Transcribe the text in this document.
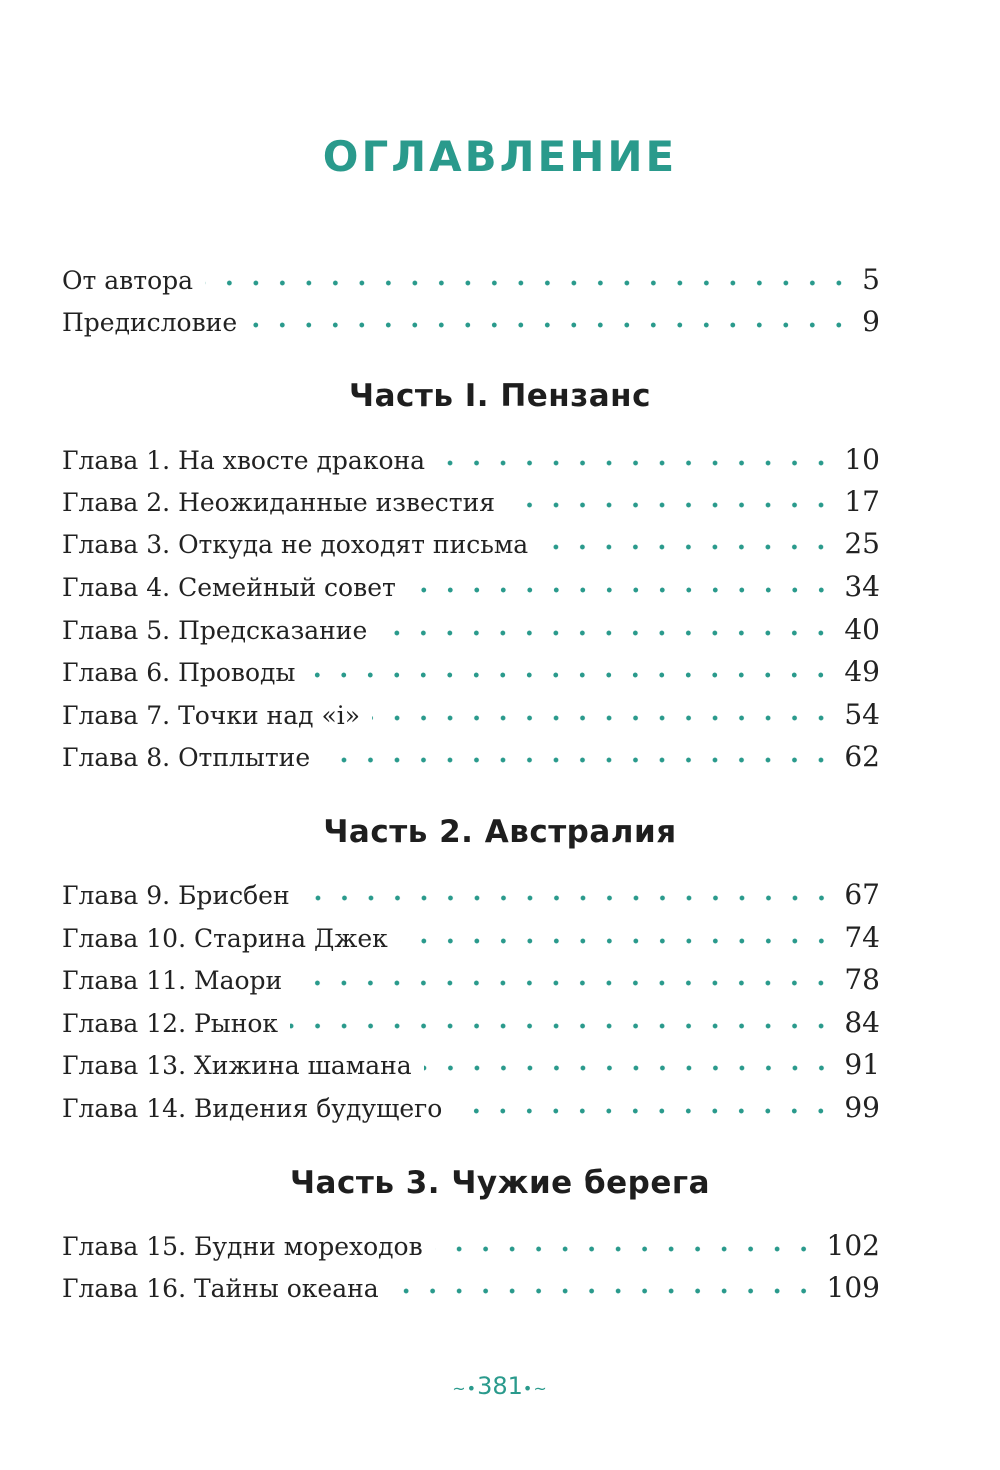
ОГЛАВЛЕНИЕ
От автора	5
Предисловие	9
Часть I. Пензанс
Глава 1. На хвосте дракона	10
Глава 2. Неожиданные известия	17
Глава 3. Откуда не доходят письма	25
Глава 4. Семейный совет	34
Глава 5. Предсказание	40
Глава 6. Проводы	49
Глава 7. Точки над «i»	54
Глава 8. Отплытие	62
Часть 2. Австралия
Глава 9. Брисбен	67
Глава 10. Старина Джек	74
Глава 11. Маори	78
Глава 12. Рынок	84
Глава 13. Хижина шамана	91
Глава 14. Видения будущего	99
Часть 3. Чужие берега
Глава 15. Будни мореходов	102
Глава 16. Тайны океана	109
~•381•~
